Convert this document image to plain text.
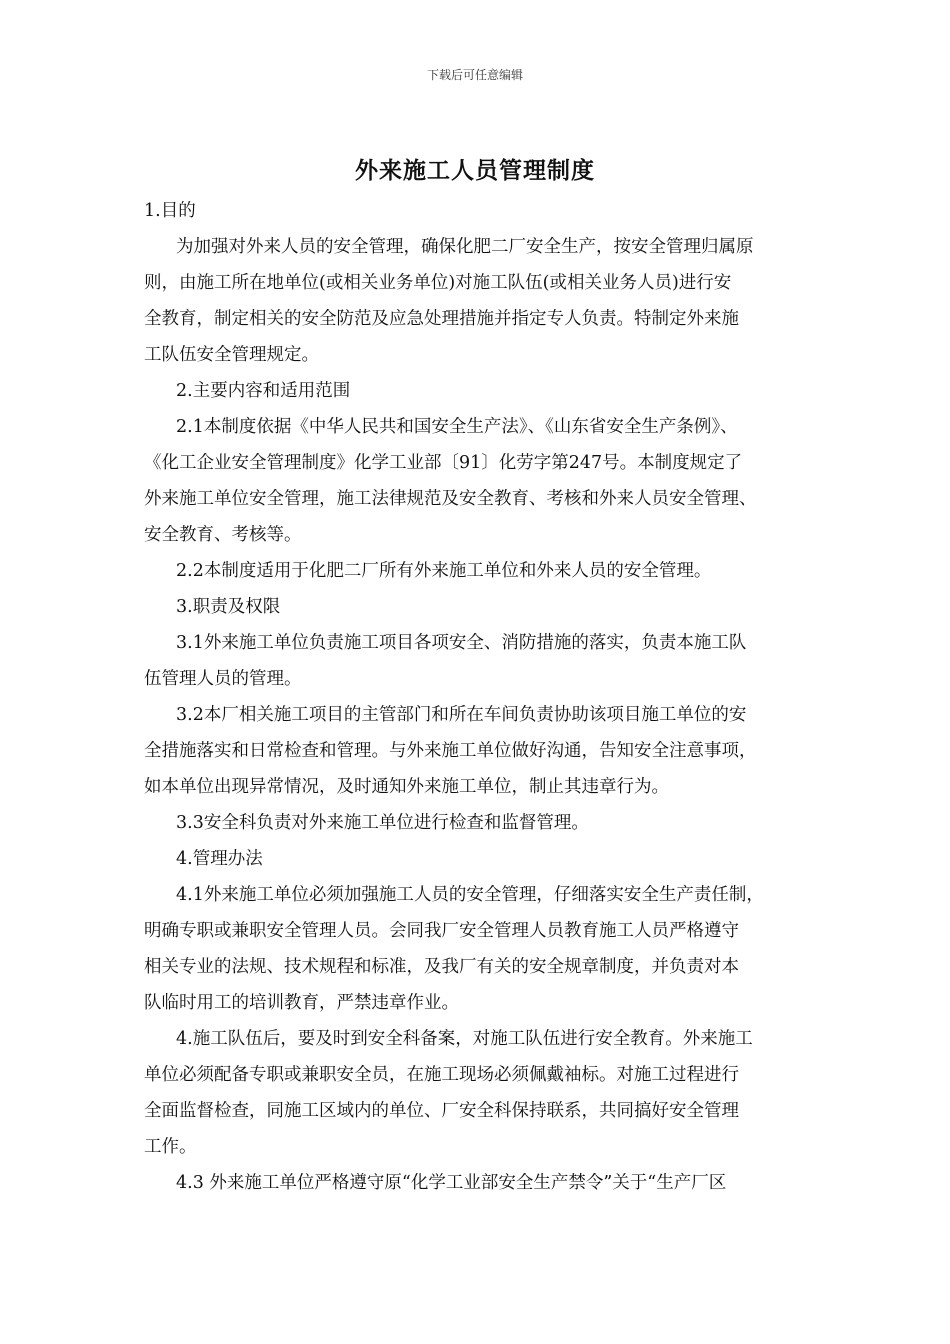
下载后可任意编辑
外来施工人员管理制度
1.目的
为加强对外来人员的安全管理，确保化肥二厂安全生产，按安全管理归属原
则，由施工所在地单位(或相关业务单位)对施工队伍(或相关业务人员)进行安
全教育，制定相关的安全防范及应急处理措施并指定专人负责。特制定外来施
工队伍安全管理规定。
2.主要内容和适用范围
2.1本制度依据《中华人民共和国安全生产法》、《山东省安全生产条例》、
《化工企业安全管理制度》化学工业部〔91〕化劳字第247号。本制度规定了
外来施工单位安全管理，施工法律规范及安全教育、考核和外来人员安全管理、
安全教育、考核等。
2.2本制度适用于化肥二厂所有外来施工单位和外来人员的安全管理。
3.职责及权限
3.1外来施工单位负责施工项目各项安全、消防措施的落实，负责本施工队
伍管理人员的管理。
3.2本厂相关施工项目的主管部门和所在车间负责协助该项目施工单位的安
全措施落实和日常检查和管理。与外来施工单位做好沟通，告知安全注意事项，
如本单位出现异常情况，及时通知外来施工单位，制止其违章行为。
3.3安全科负责对外来施工单位进行检查和监督管理。
4.管理办法
4.1外来施工单位必须加强施工人员的安全管理，仔细落实安全生产责任制，
明确专职或兼职安全管理人员。会同我厂安全管理人员教育施工人员严格遵守
相关专业的法规、技术规程和标准，及我厂有关的安全规章制度，并负责对本
队临时用工的培训教育，严禁违章作业。
4.施工队伍后，要及时到安全科备案，对施工队伍进行安全教育。外来施工
单位必须配备专职或兼职安全员，在施工现场必须佩戴袖标。对施工过程进行
全面监督检查，同施工区域内的单位、厂安全科保持联系，共同搞好安全管理
工作。
4.3 外来施工单位严格遵守原“化学工业部安全生产禁令”关于“生产厂区
